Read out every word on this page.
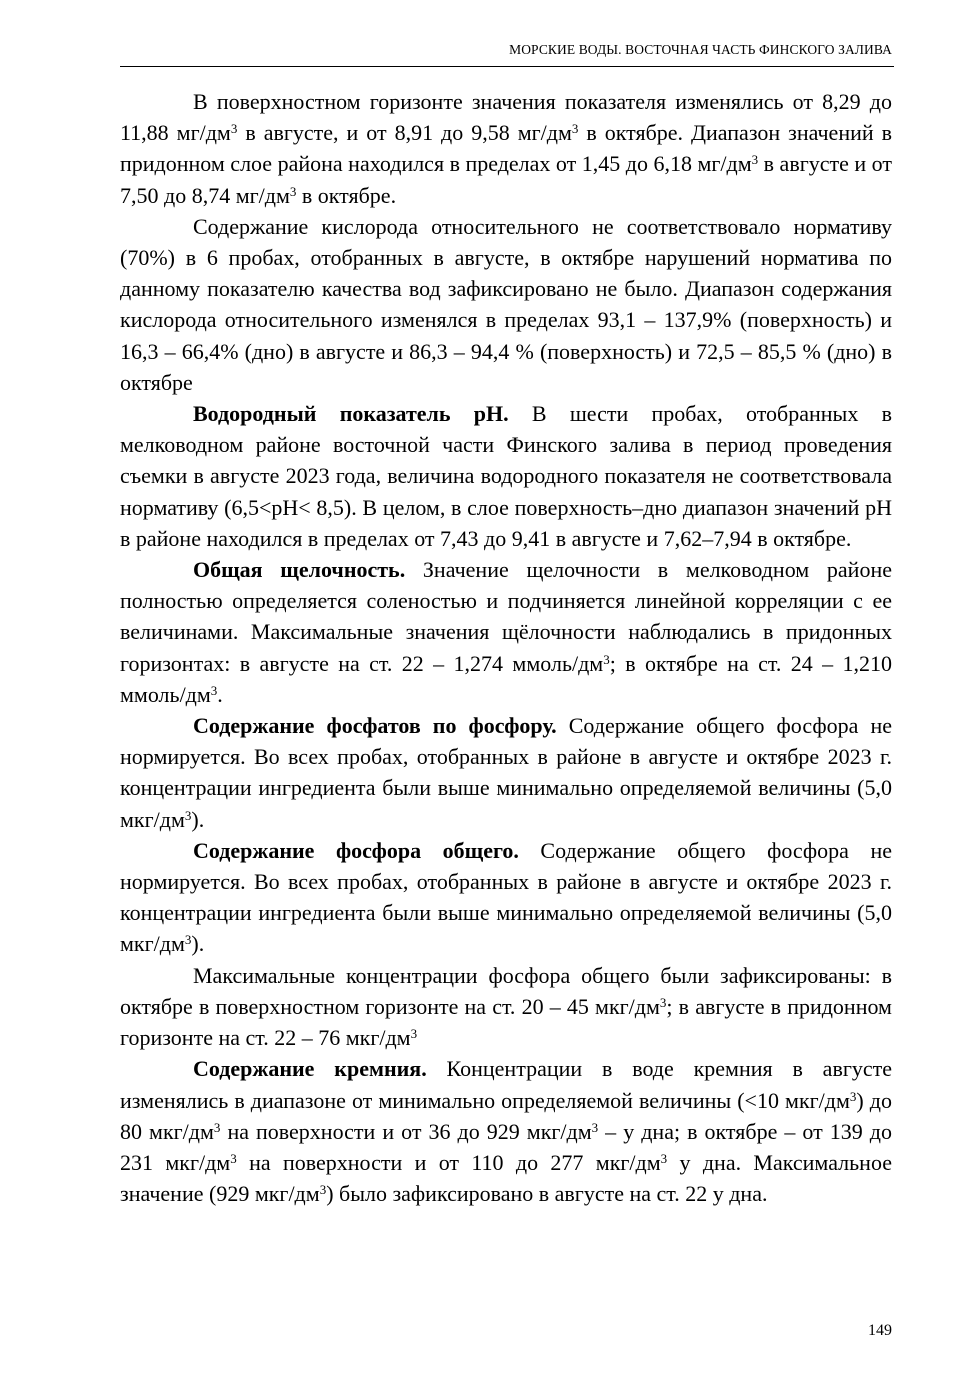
МОРСКИЕ ВОДЫ. ВОСТОЧНАЯ ЧАСТЬ ФИНСКОГО ЗАЛИВА

В поверхностном горизонте значения показателя изменялись от 8,29 до 11,88 $мг/дм^3$ в августе, и от 8,91 до 9,58 $мг/дм^3$ в октябре. Диапазон значений в придонном слое района находился в пределах от 1,45 до 6,18 $мг/дм^3$ в августе и от 7,50 до 8,74 $мг/дм^3$ в октябре.

Содержание кислорода относительного не соответствовало нормативу (70%) в 6 пробах, отобранных в августе, в октябре нарушений норматива по данному показателю качества вод зафиксировано не было. Диапазон содержания кислорода относительного изменялся в пределах 93,1 – 137,9% (поверхность) и 16,3 – 66,4% (дно) в августе и 86,3 – 94,4 % (поверхность) и 72,5 – 85,5 % (дно) в октябре

Водородный показатель pH. В шести пробах, отобранных в мелководном районе восточной части Финского залива в период проведения съемки в августе 2023 года, величина водородного показателя не соответствовала нормативу (6,5<pH< 8,5). В целом, в слое поверхность–дно диапазон значений pH в районе находился в пределах от 7,43 до 9,41 в августе и 7,62–7,94 в октябре.

Общая щелочность. Значение щелочности в мелководном районе полностью определяется соленостью и подчиняется линейной корреляции с ее величинами. Максимальные значения щёлочности наблюдались в придонных горизонтах: в августе на ст. 22 – 1,274 ммоль/$дм^3$; в октябре на ст. 24 – 1,210 ммоль/$дм^3$.

Содержание фосфатов по фосфору. Содержание общего фосфора не нормируется. Во всех пробах, отобранных в районе в августе и октябре 2023 г. концентрации ингредиента были выше минимально определяемой величины (5,0 мкг/$дм^3$).

Содержание фосфора общего. Содержание общего фосфора не нормируется. Во всех пробах, отобранных в районе в августе и октябре 2023 г. концентрации ингредиента были выше минимально определяемой величины (5,0 мкг/$дм^3$).

Максимальные концентрации фосфора общего были зафиксированы: в октябре в поверхностном горизонте на ст. 20 – 45 мкг/$дм^3$; в августе в придонном горизонте на ст. 22 – 76 мкг/$дм^3$

Содержание кремния. Концентрации в воде кремния в августе изменялись в диапазоне от минимально определяемой величины (<10 мкг/$дм^3$) до 80 мкг/$дм^3$ на поверхности и от 36 до 929 мкг/$дм^3$ – у дна; в октябре – от 139 до 231 мкг/$дм^3$ на поверхности и от 110 до 277 мкг/$дм^3$ у дна. Максимальное значение (929 мкг/$дм^3$) было зафиксировано в августе на ст. 22 у дна.

149
